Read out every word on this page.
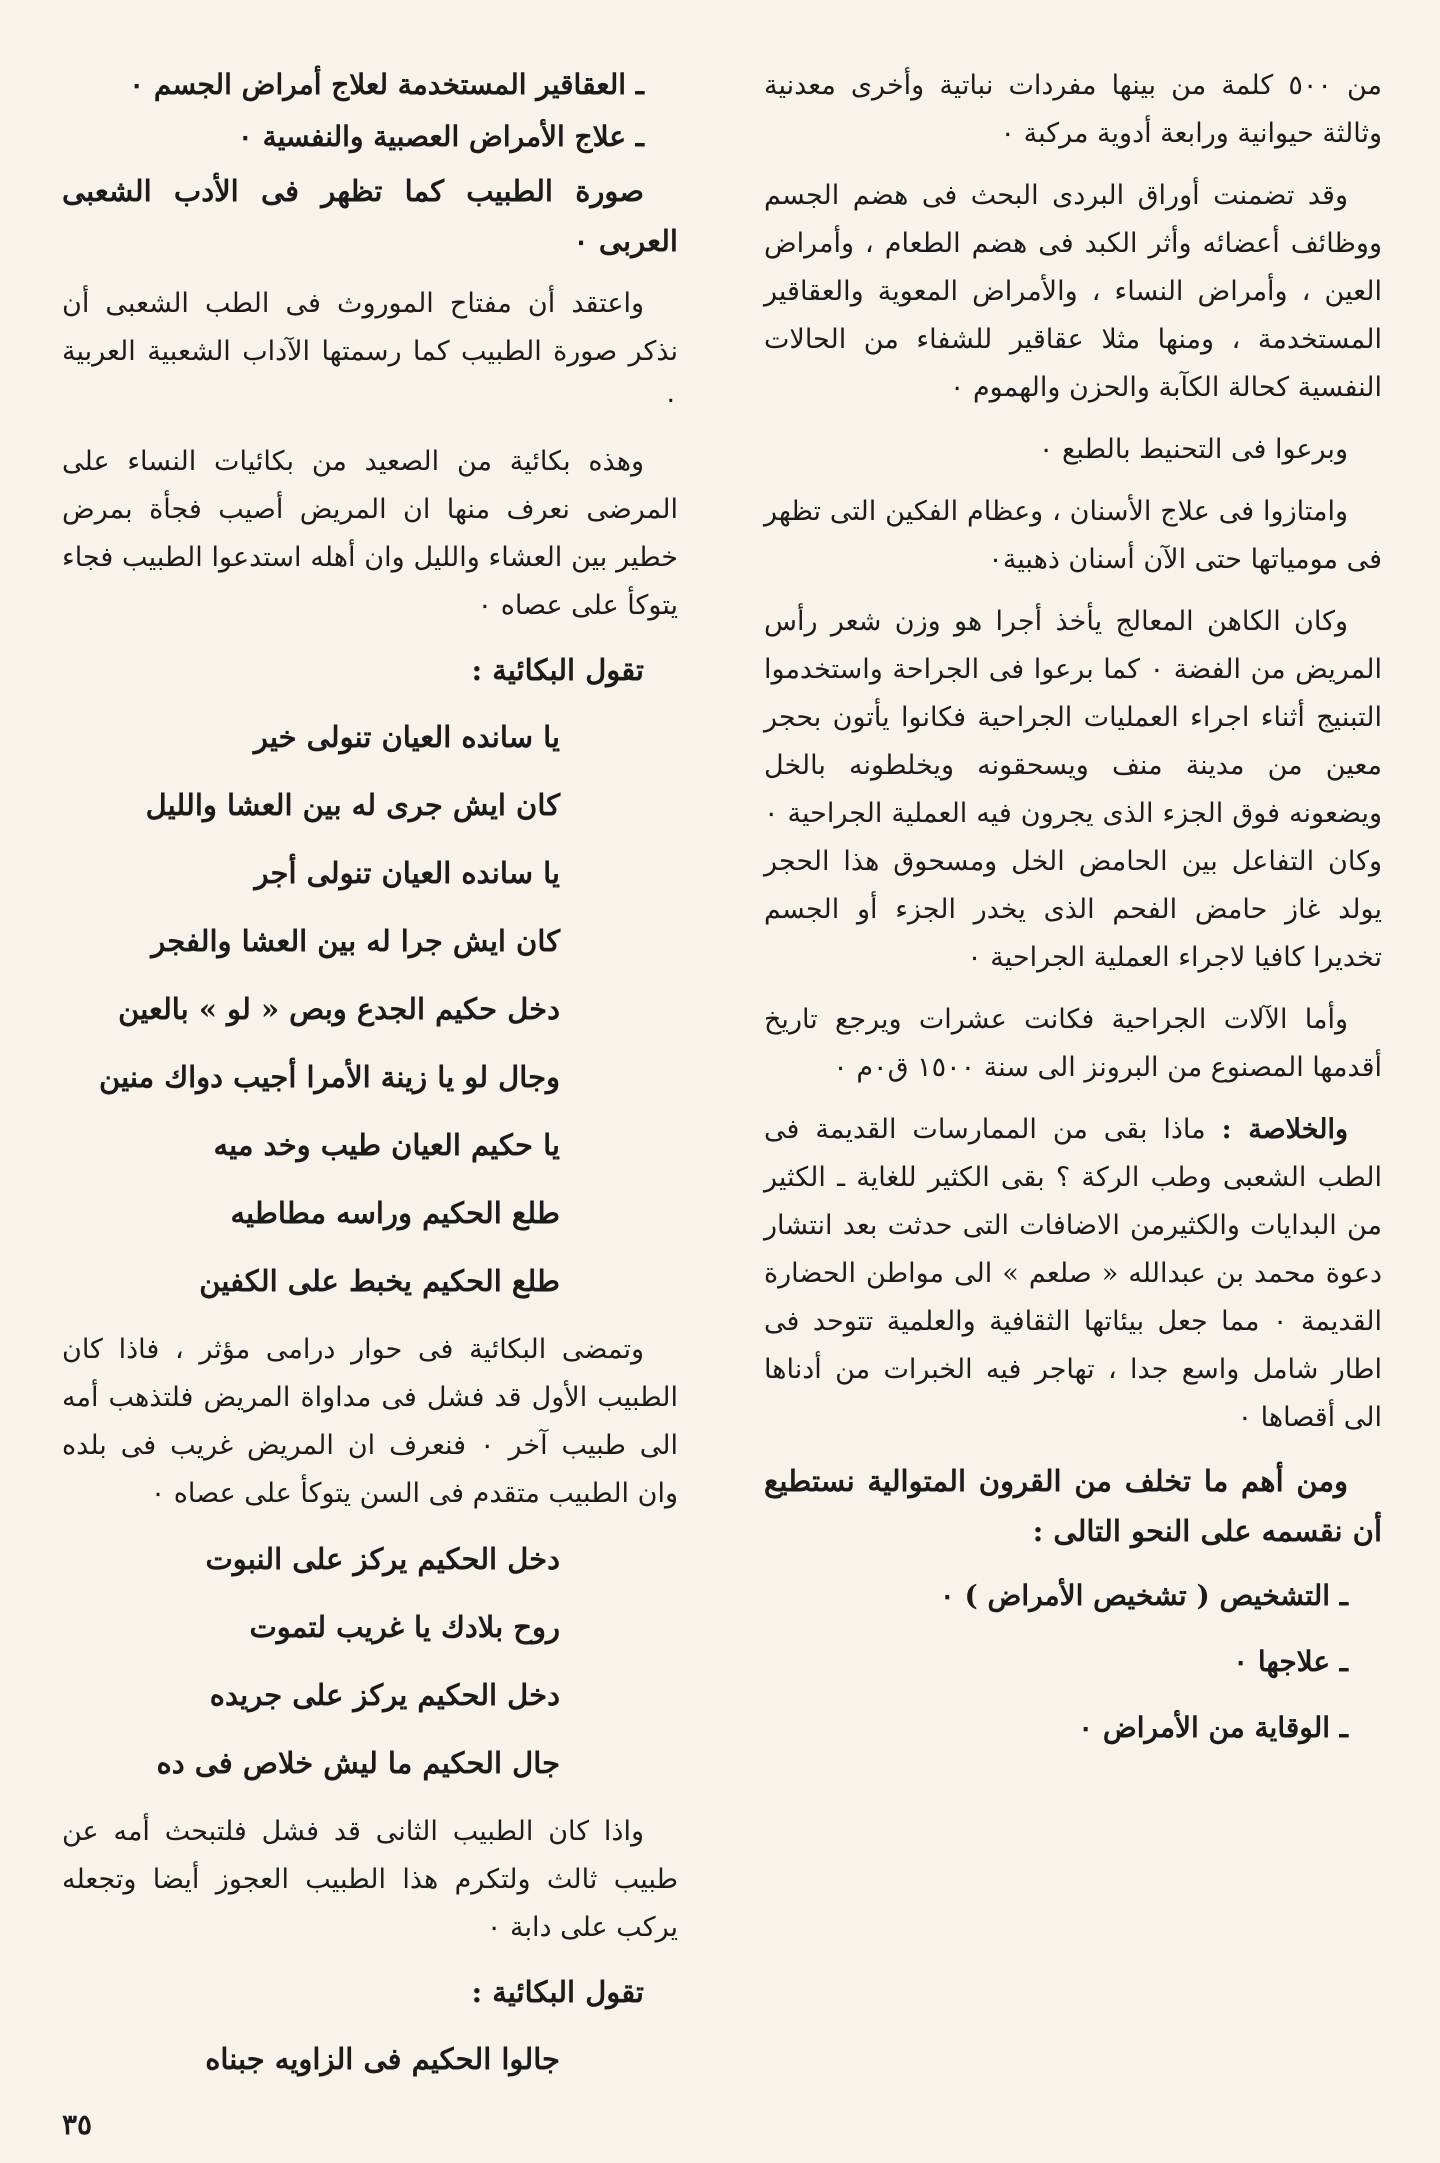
من ٥٠٠ كلمة من بينها مفردات نباتية وأخرى معدنية وثالثة حيوانية ورابعة أدوية مركبة ٠

وقد تضمنت أوراق البردى البحث فى هضم الجسم ووظائف أعضائه وأثر الكبد فى هضم الطعام ، وأمراض العين ، وأمراض النساء ، والأمراض المعوية والعقاقير المستخدمة ، ومنها مثلا عقاقير للشفاء من الحالات النفسية كحالة الكآبة والحزن والهموم ٠

وبرعوا فى التحنيط بالطبع ٠

وامتازوا فى علاج الأسنان ، وعظام الفكين التى تظهر فى مومياتها حتى الآن أسنان ذهبية٠

وكان الكاهن المعالج يأخذ أجرا هو وزن شعر رأس المريض من الفضة ٠ كما برعوا فى الجراحة واستخدموا التبنيج أثناء اجراء العمليات الجراحية فكانوا يأتون بحجر معين من مدينة منف ويسحقونه ويخلطونه بالخل ويضعونه فوق الجزء الذى يجرون فيه العملية الجراحية ٠ وكان التفاعل بين الحامض الخل ومسحوق هذا الحجر يولد غاز حامض الفحم الذى يخدر الجزء أو الجسم تخديرا كافيا لاجراء العملية الجراحية ٠

وأما الآلات الجراحية فكانت عشرات ويرجع تاريخ أقدمها المصنوع من البرونز الى سنة ١٥٠٠ ق٠م ٠

والخلاصة : ماذا بقى من الممارسات القديمة فى الطب الشعبى وطب الركة ؟ بقى الكثير للغاية ـ الكثير من البدايات والكثيرمن الاضافات التى حدثت بعد انتشار دعوة محمد بن عبدالله « صلعم » الى مواطن الحضارة القديمة ٠ مما جعل بيئاتها الثقافية والعلمية تتوحد فى اطار شامل واسع جدا ، تهاجر فيه الخبرات من أدناها الى أقصاها ٠

ومن أهم ما تخلف من القرون المتوالية نستطيع أن نقسمه على النحو التالى :

ـ التشخيص ( تشخيص الأمراض ) ٠

ـ علاجها ٠

ـ الوقاية من الأمراض ٠

ـ العقاقير المستخدمة لعلاج أمراض الجسم ٠

ـ علاج الأمراض العصبية والنفسية ٠

صورة الطبيب كما تظهر فى الأدب الشعبى العربى ٠

واعتقد أن مفتاح الموروث فى الطب الشعبى أن نذكر صورة الطبيب كما رسمتها الآداب الشعبية العربية ٠

وهذه بكائية من الصعيد من بكائيات النساء على المرضى نعرف منها ان المريض أصيب فجأة بمرض خطير بين العشاء والليل وان أهله استدعوا الطبيب فجاء يتوكأ على عصاه ٠

تقول البكائية :

يا سانده العيان تنولى خير

كان ايش جرى له بين العشا والليل

يا سانده العيان تنولى أجر

كان ايش جرا له بين العشا والفجر

دخل حكيم الجدع وبص « لو » بالعين

وجال لو يا زينة الأمرا أجيب دواك منين

يا حكيم العيان طيب وخد ميه

طلع الحكيم وراسه مطاطيه

طلع الحكيم يخبط على الكفين

وتمضى البكائية فى حوار درامى مؤثر ، فاذا كان الطبيب الأول قد فشل فى مداواة المريض فلتذهب أمه الى طبيب آخر ٠ فنعرف ان المريض غريب فى بلده وان الطبيب متقدم فى السن يتوكأ على عصاه ٠

دخل الحكيم يركز على النبوت

روح بلادك يا غريب لتموت

دخل الحكيم يركز على جريده

جال الحكيم ما ليش خلاص فى ده

واذا كان الطبيب الثانى قد فشل فلتبحث أمه عن طبيب ثالث ولتكرم هذا الطبيب العجوز أيضا وتجعله يركب على دابة ٠

تقول البكائية :

جالوا الحكيم فى الزاويه جبناه

٣٥
